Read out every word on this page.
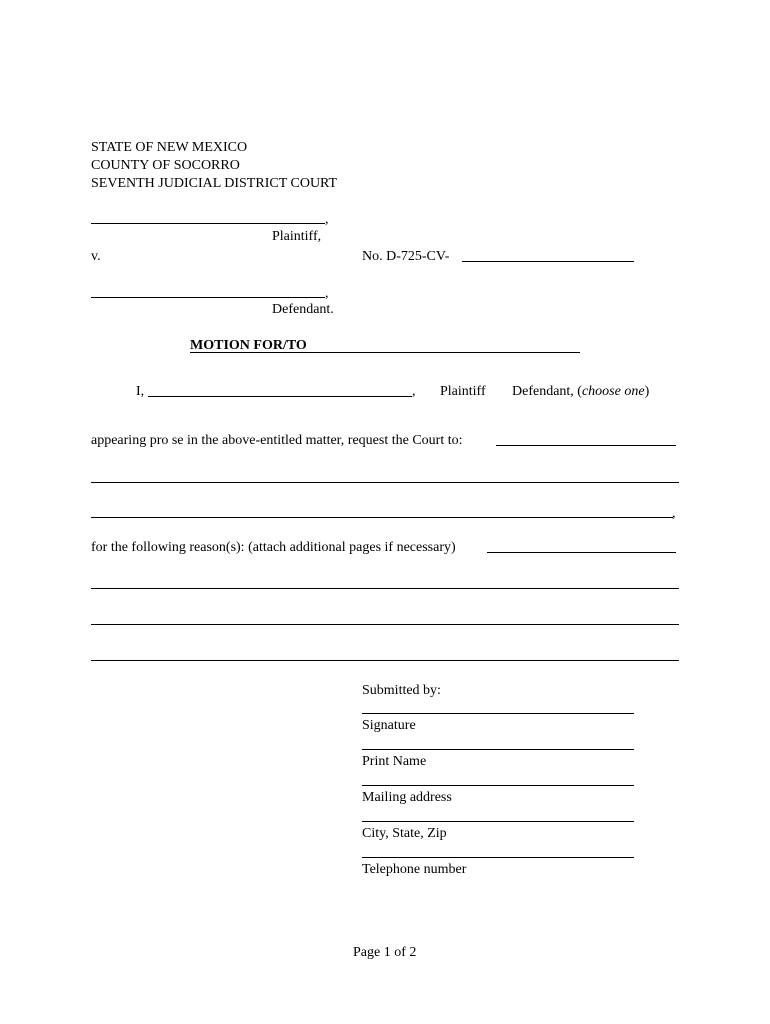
STATE OF NEW MEXICO
COUNTY OF SOCORRO
SEVENTH JUDICIAL DISTRICT COURT
,
Plaintiff,
v.	No. D-725-CV-
,
Defendant.
MOTION FOR/TO
I,	, Plaintiff Defendant, (choose one)
appearing pro se in the above-entitled matter, request the Court to:
,
for the following reason(s): (attach additional pages if necessary)
Submitted by:
Signature
Print Name
Mailing address
City, State, Zip
Telephone number
Page 1 of 2
